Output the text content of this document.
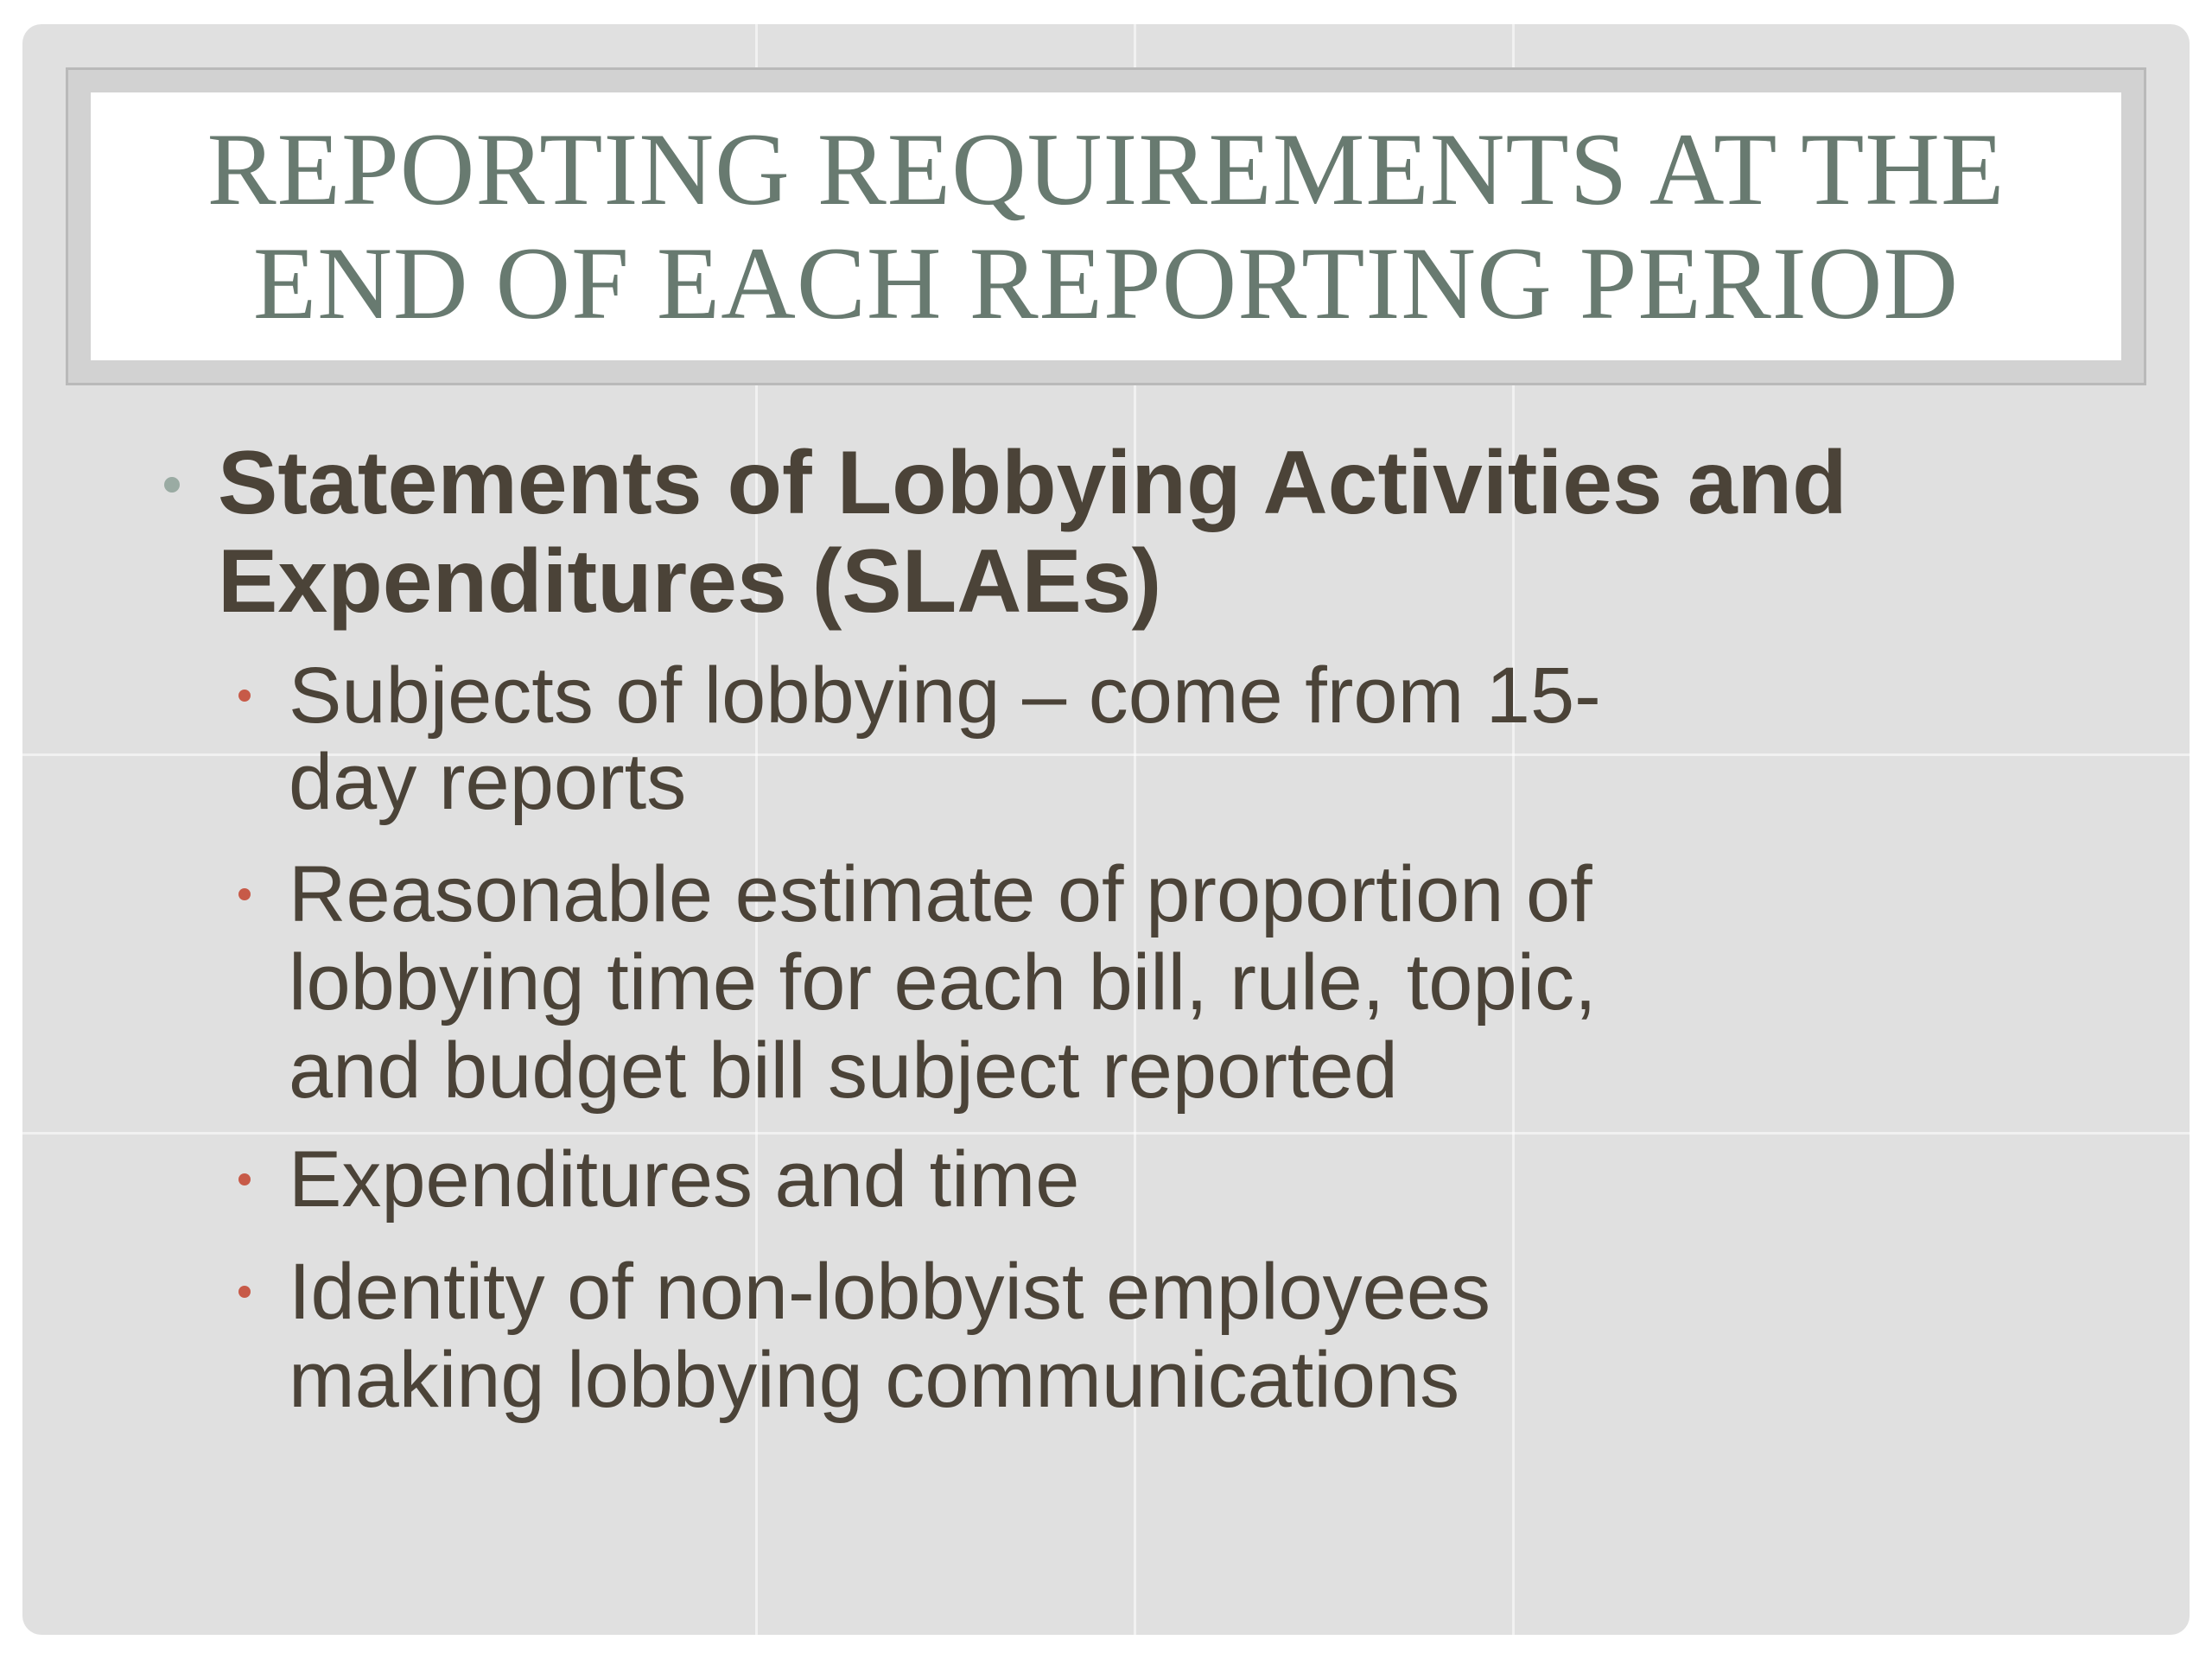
REPORTING REQUIREMENTS AT THE
END OF EACH REPORTING PERIOD
Statements of Lobbying Activities and
Expenditures (SLAEs)
Subjects of lobbying – come from 15-
day reports
Reasonable estimate of proportion of
lobbying time for each bill, rule, topic,
and budget bill subject reported
Expenditures and time
Identity of non-lobbyist employees
making lobbying communications
